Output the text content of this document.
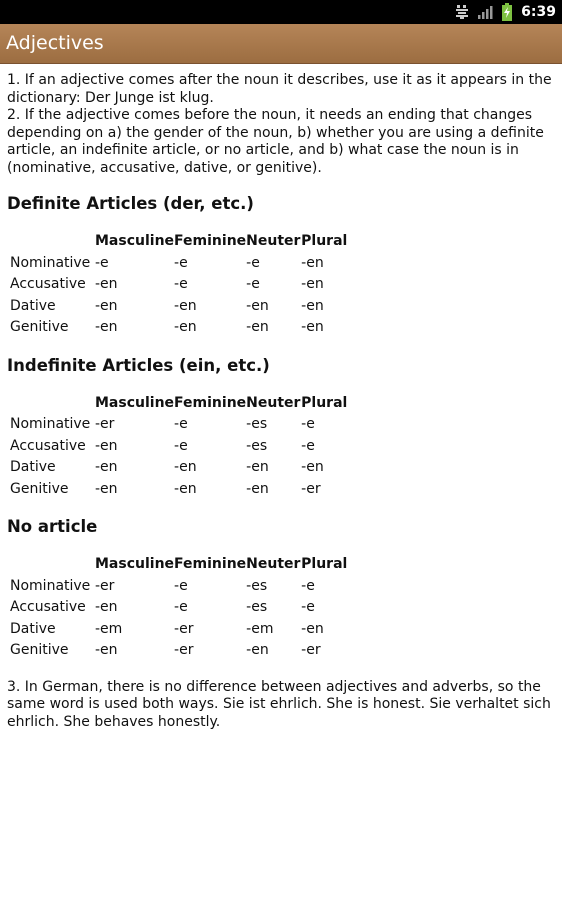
6:39
Adjectives

1. If an adjective comes after the noun it describes, use it as it appears in the dictionary: Der Junge ist klug.

2. If the adjective comes before the noun, it needs an ending that changes depending on a) the gender of the noun, b) whether you are using a definite article, an indefinite article, or no article, and b) what case the noun is in (nominative, accusative, dative, or genitive).

Definite Articles (der, etc.)
	Masculine	Feminine	Neuter	Plural
Nominative	-e	-e	-e	-en
Accusative	-en	-e	-e	-en
Dative	-en	-en	-en	-en
Genitive	-en	-en	-en	-en
Indefinite Articles (ein, etc.)
	Masculine	Feminine	Neuter	Plural
Nominative	-er	-e	-es	-e
Accusative	-en	-e	-es	-e
Dative	-en	-en	-en	-en
Genitive	-en	-en	-en	-er
No article
	Masculine	Feminine	Neuter	Plural
Nominative	-er	-e	-es	-e
Accusative	-en	-e	-es	-e
Dative	-em	-er	-em	-en
Genitive	-en	-er	-en	-er

3. In German, there is no difference between adjectives and adverbs, so the same word is used both ways. Sie ist ehrlich. She is honest. Sie verhaltet sich ehrlich. She behaves honestly.
